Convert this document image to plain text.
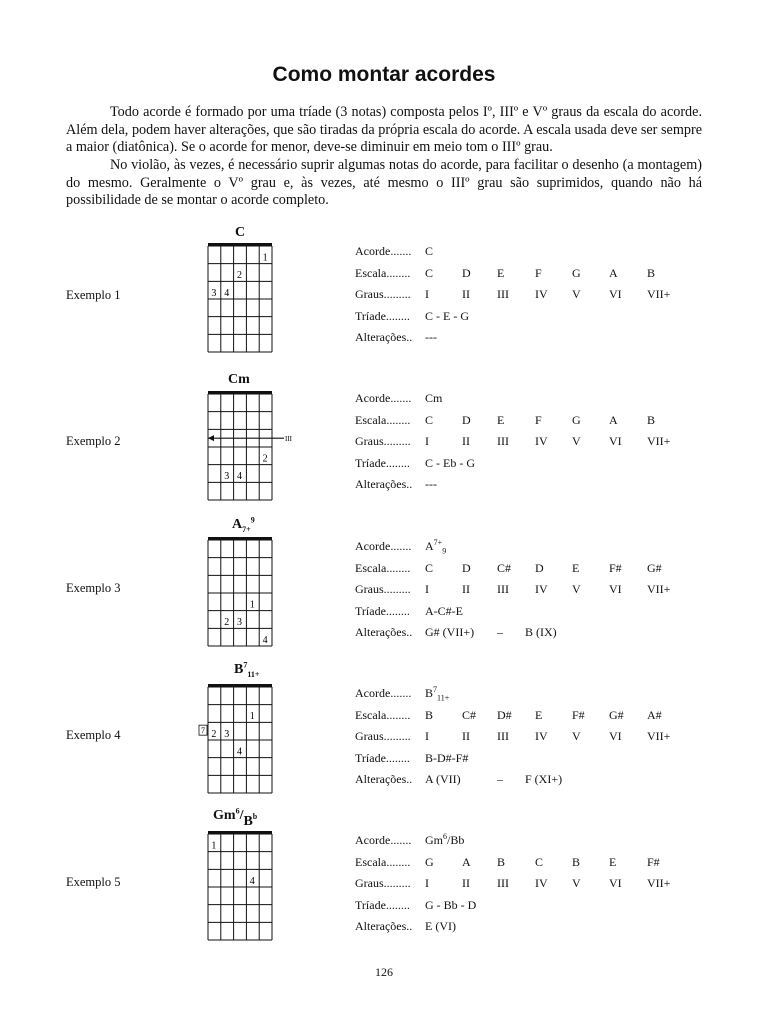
Como montar acordes
Todo acorde é formado por uma tríade (3 notas) composta pelos Iº, IIIº e Vº graus da escala do acorde. Além dela, podem haver alterações, que são tiradas da própria escala do acorde. A escala usada deve ser sempre a maior (diatônica). Se o acorde for menor, deve-se diminuir em meio tom o IIIº grau.
No violão, às vezes, é necessário suprir algumas notas do acorde, para facilitar o desenho (a montagem) do mesmo. Geralmente o Vº grau e, às vezes, até mesmo o IIIº grau são suprimidos, quando não há possibilidade de se montar o acorde completo.
Exemplo 1
C
1
2
3 4
Acorde.......	C
Escala........	C D E	F	G A B
Graus.........	I	II III IV V VI VII+
Tríade........	C - E - G
Alterações..	---
Exemplo 2
Cm
III
2
3 4
Acorde.......	Cm
Escala........	C D E	F	G A B
Graus.........	I	II III IV V VI VII+
Tríade........	C - Eb - G
Alterações..	---
Exemplo 3
$A_{7+}^9$
1
2 3
4
Acorde.......	$A^{7+}_9$
Escala........	C D C# D E F# G#
Graus.........	I	II III IV V VI VII+
Tríade........	A-C#-E
Alterações..	G# (VII+) – B (IX)
Exemplo 4
$B^7_{11+}$
7
1
2 3
4
Acorde.......	$B^7_{11+}$
Escala........	B C# D# E F# G# A#
Graus.........	I	II III IV V VI VII+
Tríade........	B-D#-F#
Alterações..	A (VII)	– F (XI+)
Exemplo 5
$Gm^6/B^b$
1
4
Acorde.......	Gm$^6$/Bb
Escala........	G A B C B E	F#
Graus.........	I	II III IV V VI VII+
Tríade........	G - Bb - D
Alterações..	E (VI)
126
